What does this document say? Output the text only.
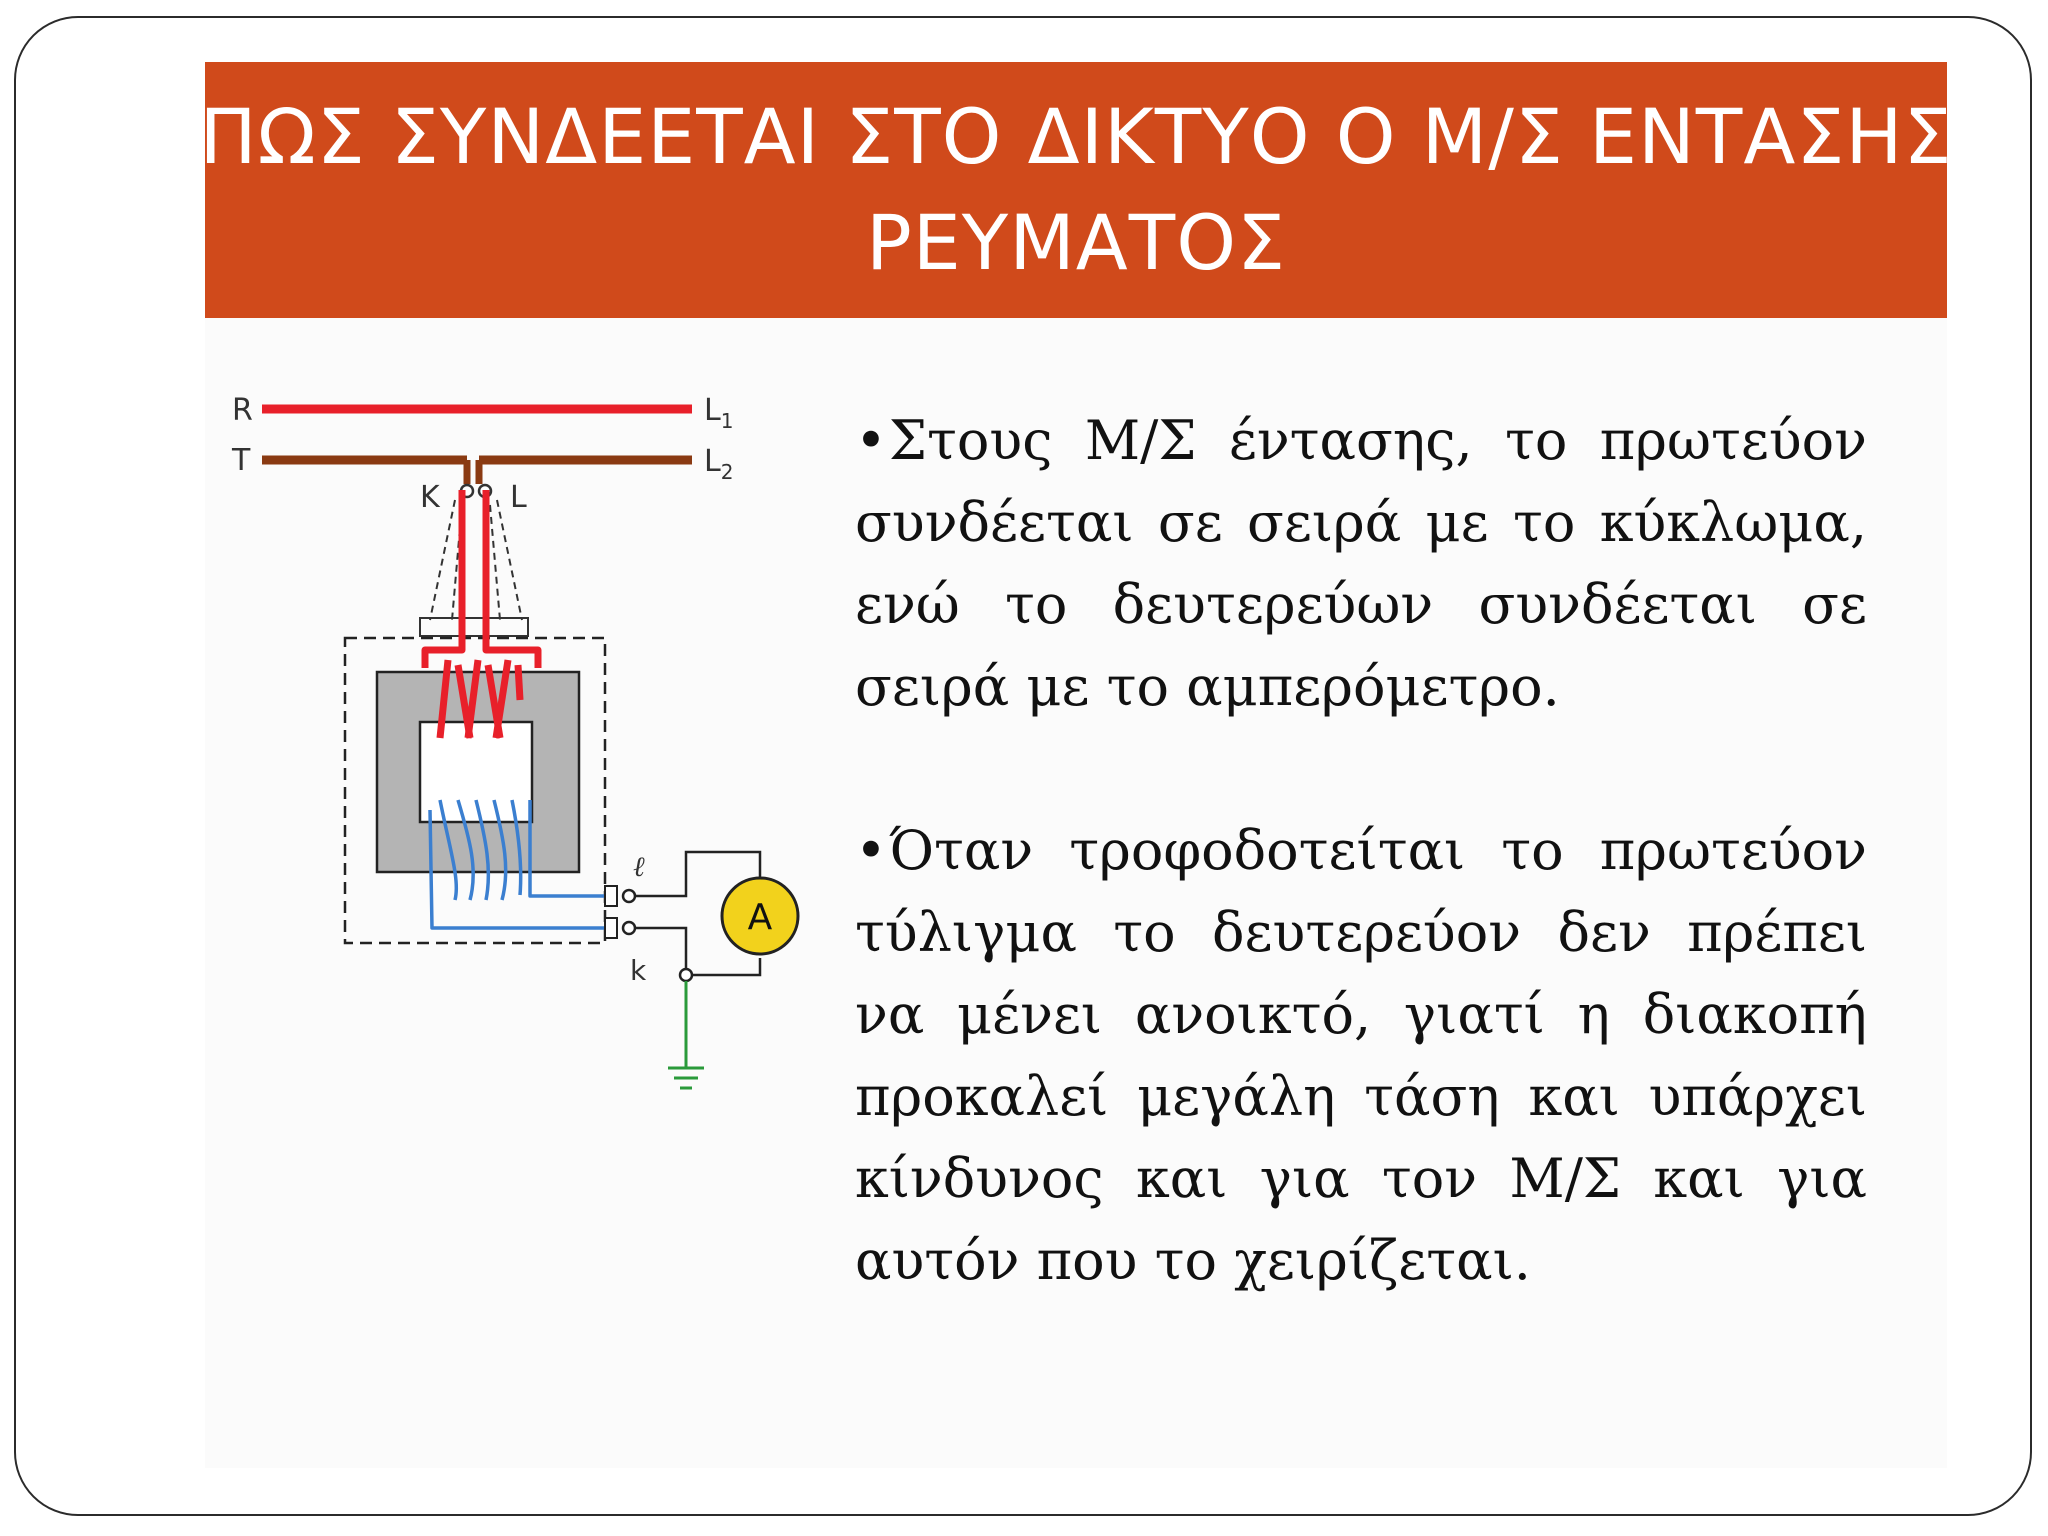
ΠΩΣ ΣΥΝΔΕΕΤΑΙ ΣΤΟ ΔΙΚΤΥΟ Ο Μ/Σ ΕΝΤΑΣΗΣ
ΡΕΥΜΑΤΟΣ
R
T
$L_1$
$L_2$
K L
ℓ
k
A

•Στους Μ/Σ έντασης, το πρωτεύον συνδέεται σε σειρά με το κύκλωμα, ενώ το δευτερεύων συνδέεται σε σειρά με το αμπερόμετρο.

•Όταν τροφοδοτείται το πρωτεύον τύλιγμα το δευτερεύον δεν πρέπει να μένει ανοικτό, γιατί η διακοπή προκαλεί μεγάλη τάση και υπάρχει κίνδυνος και για τον Μ/Σ και για αυτόν που το χειρίζεται.
